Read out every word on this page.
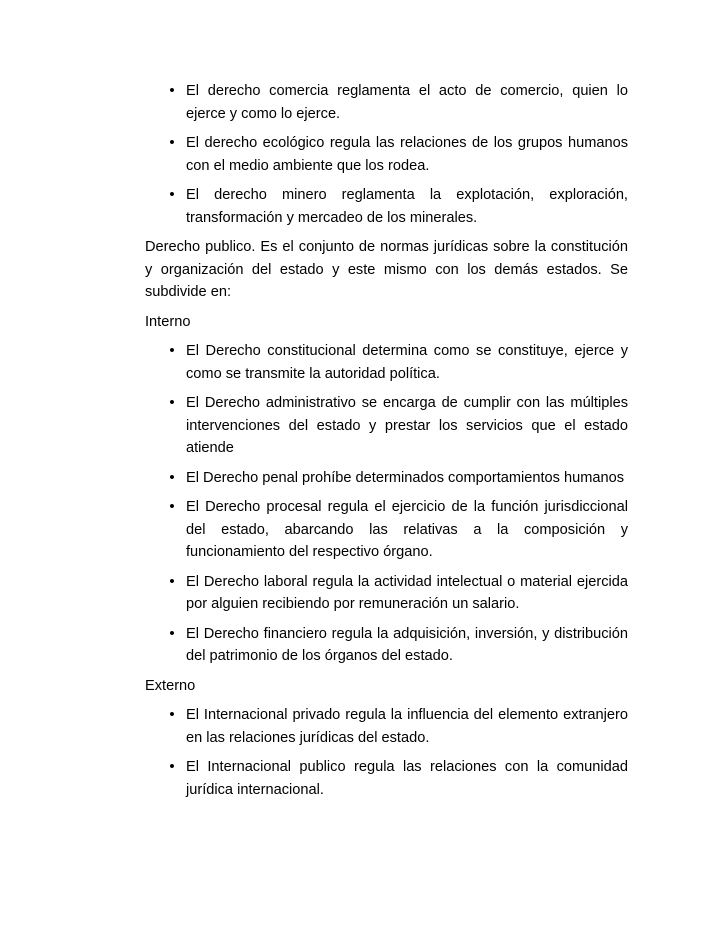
• El derecho comercia reglamenta el acto de comercio, quien lo ejerce y como lo ejerce.
• El derecho ecológico regula las relaciones de los grupos humanos con el medio ambiente que los rodea.
• El derecho minero reglamenta la explotación, exploración, transformación y mercadeo de los minerales.

Derecho publico. Es el conjunto de normas jurídicas sobre la constitución y organización del estado y este mismo con los demás estados. Se subdivide en:

Interno

• El Derecho constitucional determina como se constituye, ejerce y como se transmite la autoridad política.
• El Derecho administrativo se encarga de cumplir con las múltiples intervenciones del estado y prestar los servicios que el estado atiende
• El Derecho penal prohíbe determinados comportamientos humanos
• El Derecho procesal regula el ejercicio de la función jurisdiccional del estado, abarcando las relativas a la composición y funcionamiento del respectivo órgano.
• El Derecho laboral regula la actividad intelectual o material ejercida por alguien recibiendo por remuneración un salario.
• El Derecho financiero regula la adquisición, inversión, y distribución del patrimonio de los órganos del estado.

Externo

• El Internacional privado regula la influencia del elemento extranjero en las relaciones jurídicas del estado.
• El Internacional publico regula las relaciones con la comunidad jurídica internacional.
